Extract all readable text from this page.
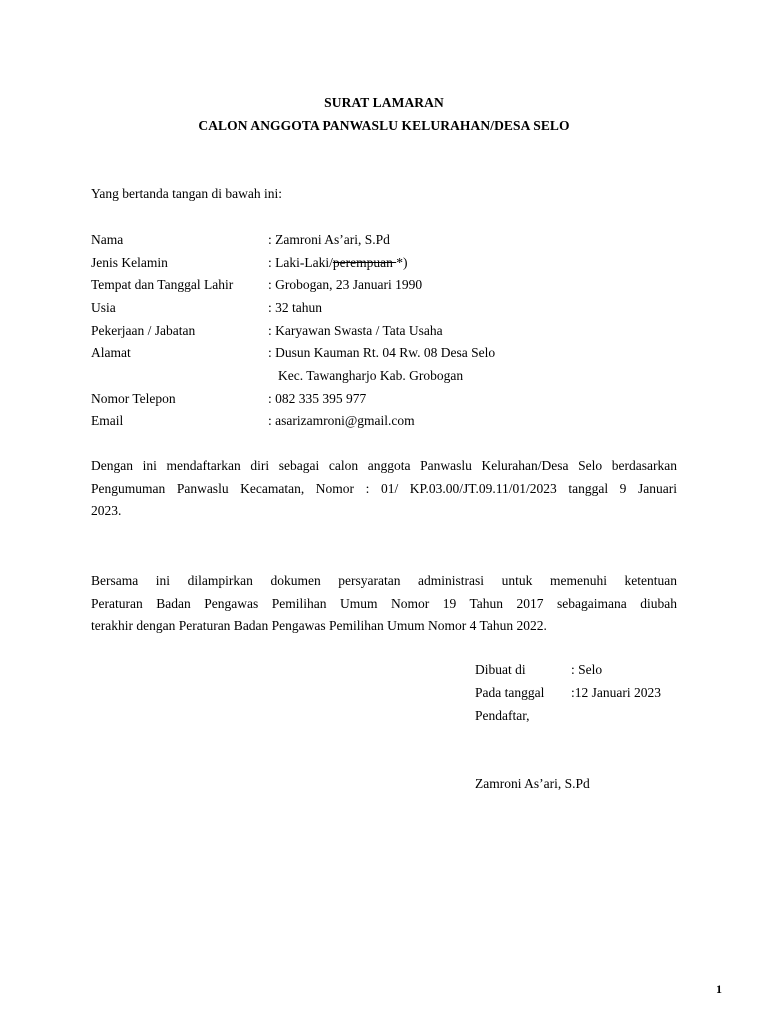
SURAT LAMARAN
CALON ANGGOTA PANWASLU KELURAHAN/DESA SELO
Yang bertanda tangan di bawah ini:
Nama	: Zamroni As’ari, S.Pd
Jenis Kelamin	: Laki-Laki/perempuan *)
Tempat dan Tanggal Lahir	: Grobogan, 23 Januari 1990
Usia	: 32 tahun
Pekerjaan / Jabatan	: Karyawan Swasta / Tata Usaha
Alamat	: Dusun Kauman Rt. 04 Rw. 08 Desa Selo
Kec. Tawangharjo Kab. Grobogan
Nomor Telepon	: 082 335 395 977
Email	: asarizamroni@gmail.com
Dengan ini mendaftarkan diri sebagai calon anggota Panwaslu Kelurahan/Desa Selo berdasarkan
Pengumuman Panwaslu Kecamatan, Nomor : 01/ KP.03.00/JT.09.11/01/2023 tanggal 9 Januari
2023.
Bersama ini dilampirkan dokumen persyaratan administrasi untuk memenuhi ketentuan
Peraturan Badan Pengawas Pemilihan Umum Nomor 19 Tahun 2017 sebagaimana diubah
terakhir dengan Peraturan Badan Pengawas Pemilihan Umum Nomor 4 Tahun 2022.
Dibuat di	: Selo
Pada tanggal :12 Januari 2023
Pendaftar,
Zamroni As’ari, S.Pd
1
